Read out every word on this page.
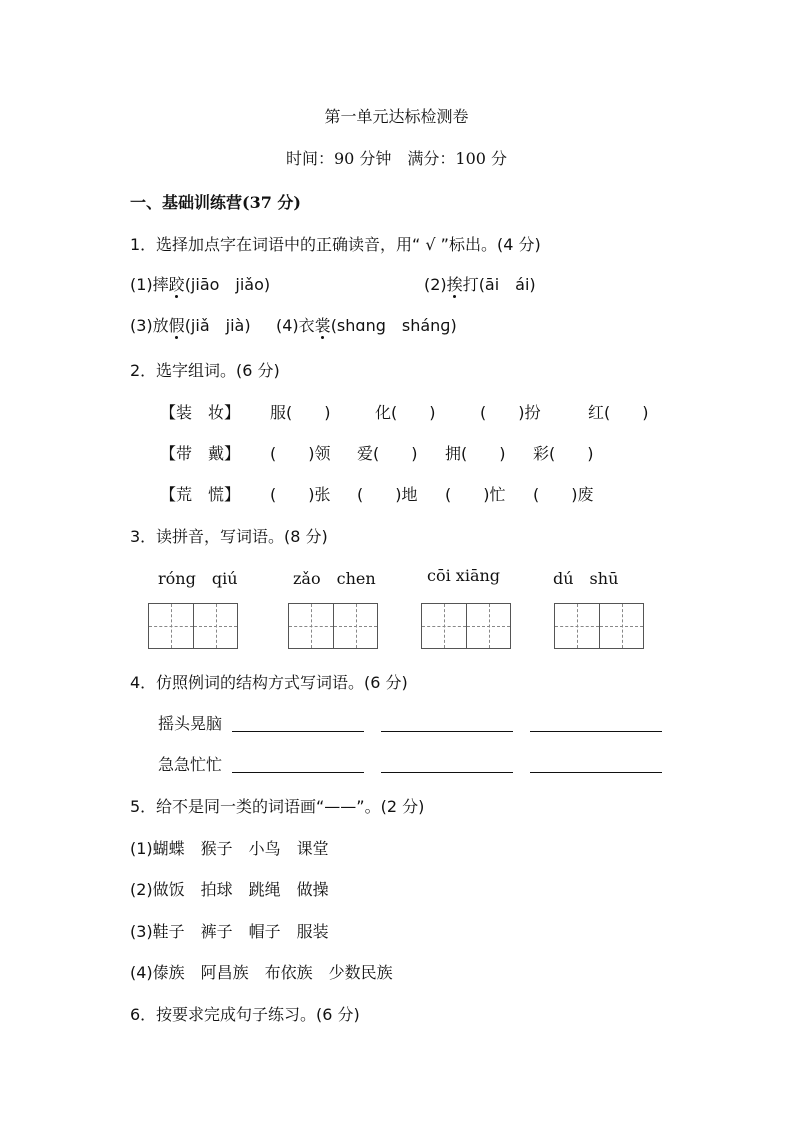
第一单元达标检测卷
时间：90 分钟　满分：100 分
一、基础训练营(37 分)
1．选择加点字在词语中的正确读音，用“ √ ”标出。(4 分)
(1)摔跤(jiāo　jiǎo)	(2)挨打(āi　ái)
(3)放假(jiǎ　jià) (4)衣裳(shɑng　shánɡ)
2．选字组词。(6 分)
【装　妆】 服(　　)	化(　　)	(　　)扮	红(　　)
【带　戴】 (　　)领 爱(　　) 拥(　　) 彩(　　)
【荒　慌】 (　　)张 (　　)地 (　　)忙 (　　)废
3．读拼音，写词语。(8 分)
róng　qiú	zǎo　chen	cōi xiāng	dú　shū
4．仿照例词的结构方式写词语。(6 分)
摇头晃脑
急急忙忙
5．给不是同一类的词语画“——”。(2 分)
(1)蝴蝶　猴子　小鸟　课堂
(2)做饭　拍球　跳绳　做操
(3)鞋子　裤子　帽子　服装
(4)傣族　阿昌族　布依族　少数民族
6．按要求完成句子练习。(6 分)
